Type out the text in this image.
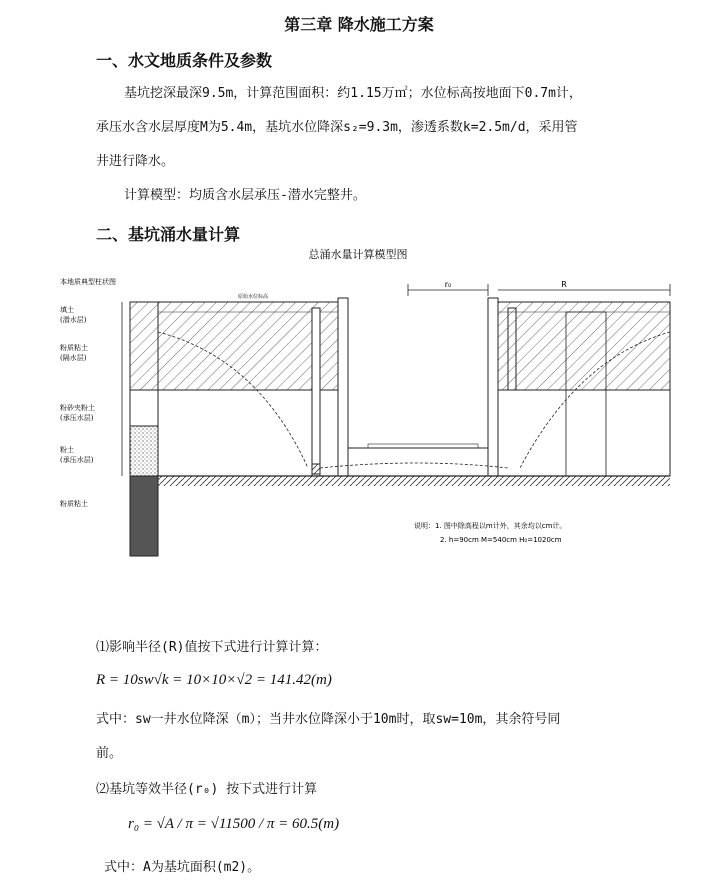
第三章 降水施工方案
一、水文地质条件及参数
基坑挖深最深9.5m，计算范围面积：约1.15万㎡；水位标高按地面下0.7m计，
承压水含水层厚度M为5.4m，基坑水位降深s₂=9.3m，渗透系数k=2.5m/d，采用管
井进行降水。
计算模型：均质含水层承压-潜水完整井。
二、基坑涌水量计算
总涌水量计算模型图
本地质典型柱状图
填土
(潜水层)
粉质粘土
(隔水层)
粉砂夹粉土
(承压水层)
粉土
(承压水层)
粉质粘土
原始水位标高
r₀	R
说明：1. 图中除高程以m计外，其余均以cm计。
2. h=90cm M=540cm H₀=1020cm
⑴影响半径(R)值按下式进行计算计算：
R = 10sw√k = 10×10×√2 = 141.42(m)
式中：sw一井水位降深（m）；当井水位降深小于10m时，取sw=10m，其余符号同
前。
⑵基坑等效半径(r₀) 按下式进行计算
r₀ = √A / π = √11500 / π = 60.5(m)
式中：A为基坑面积(m2)。
